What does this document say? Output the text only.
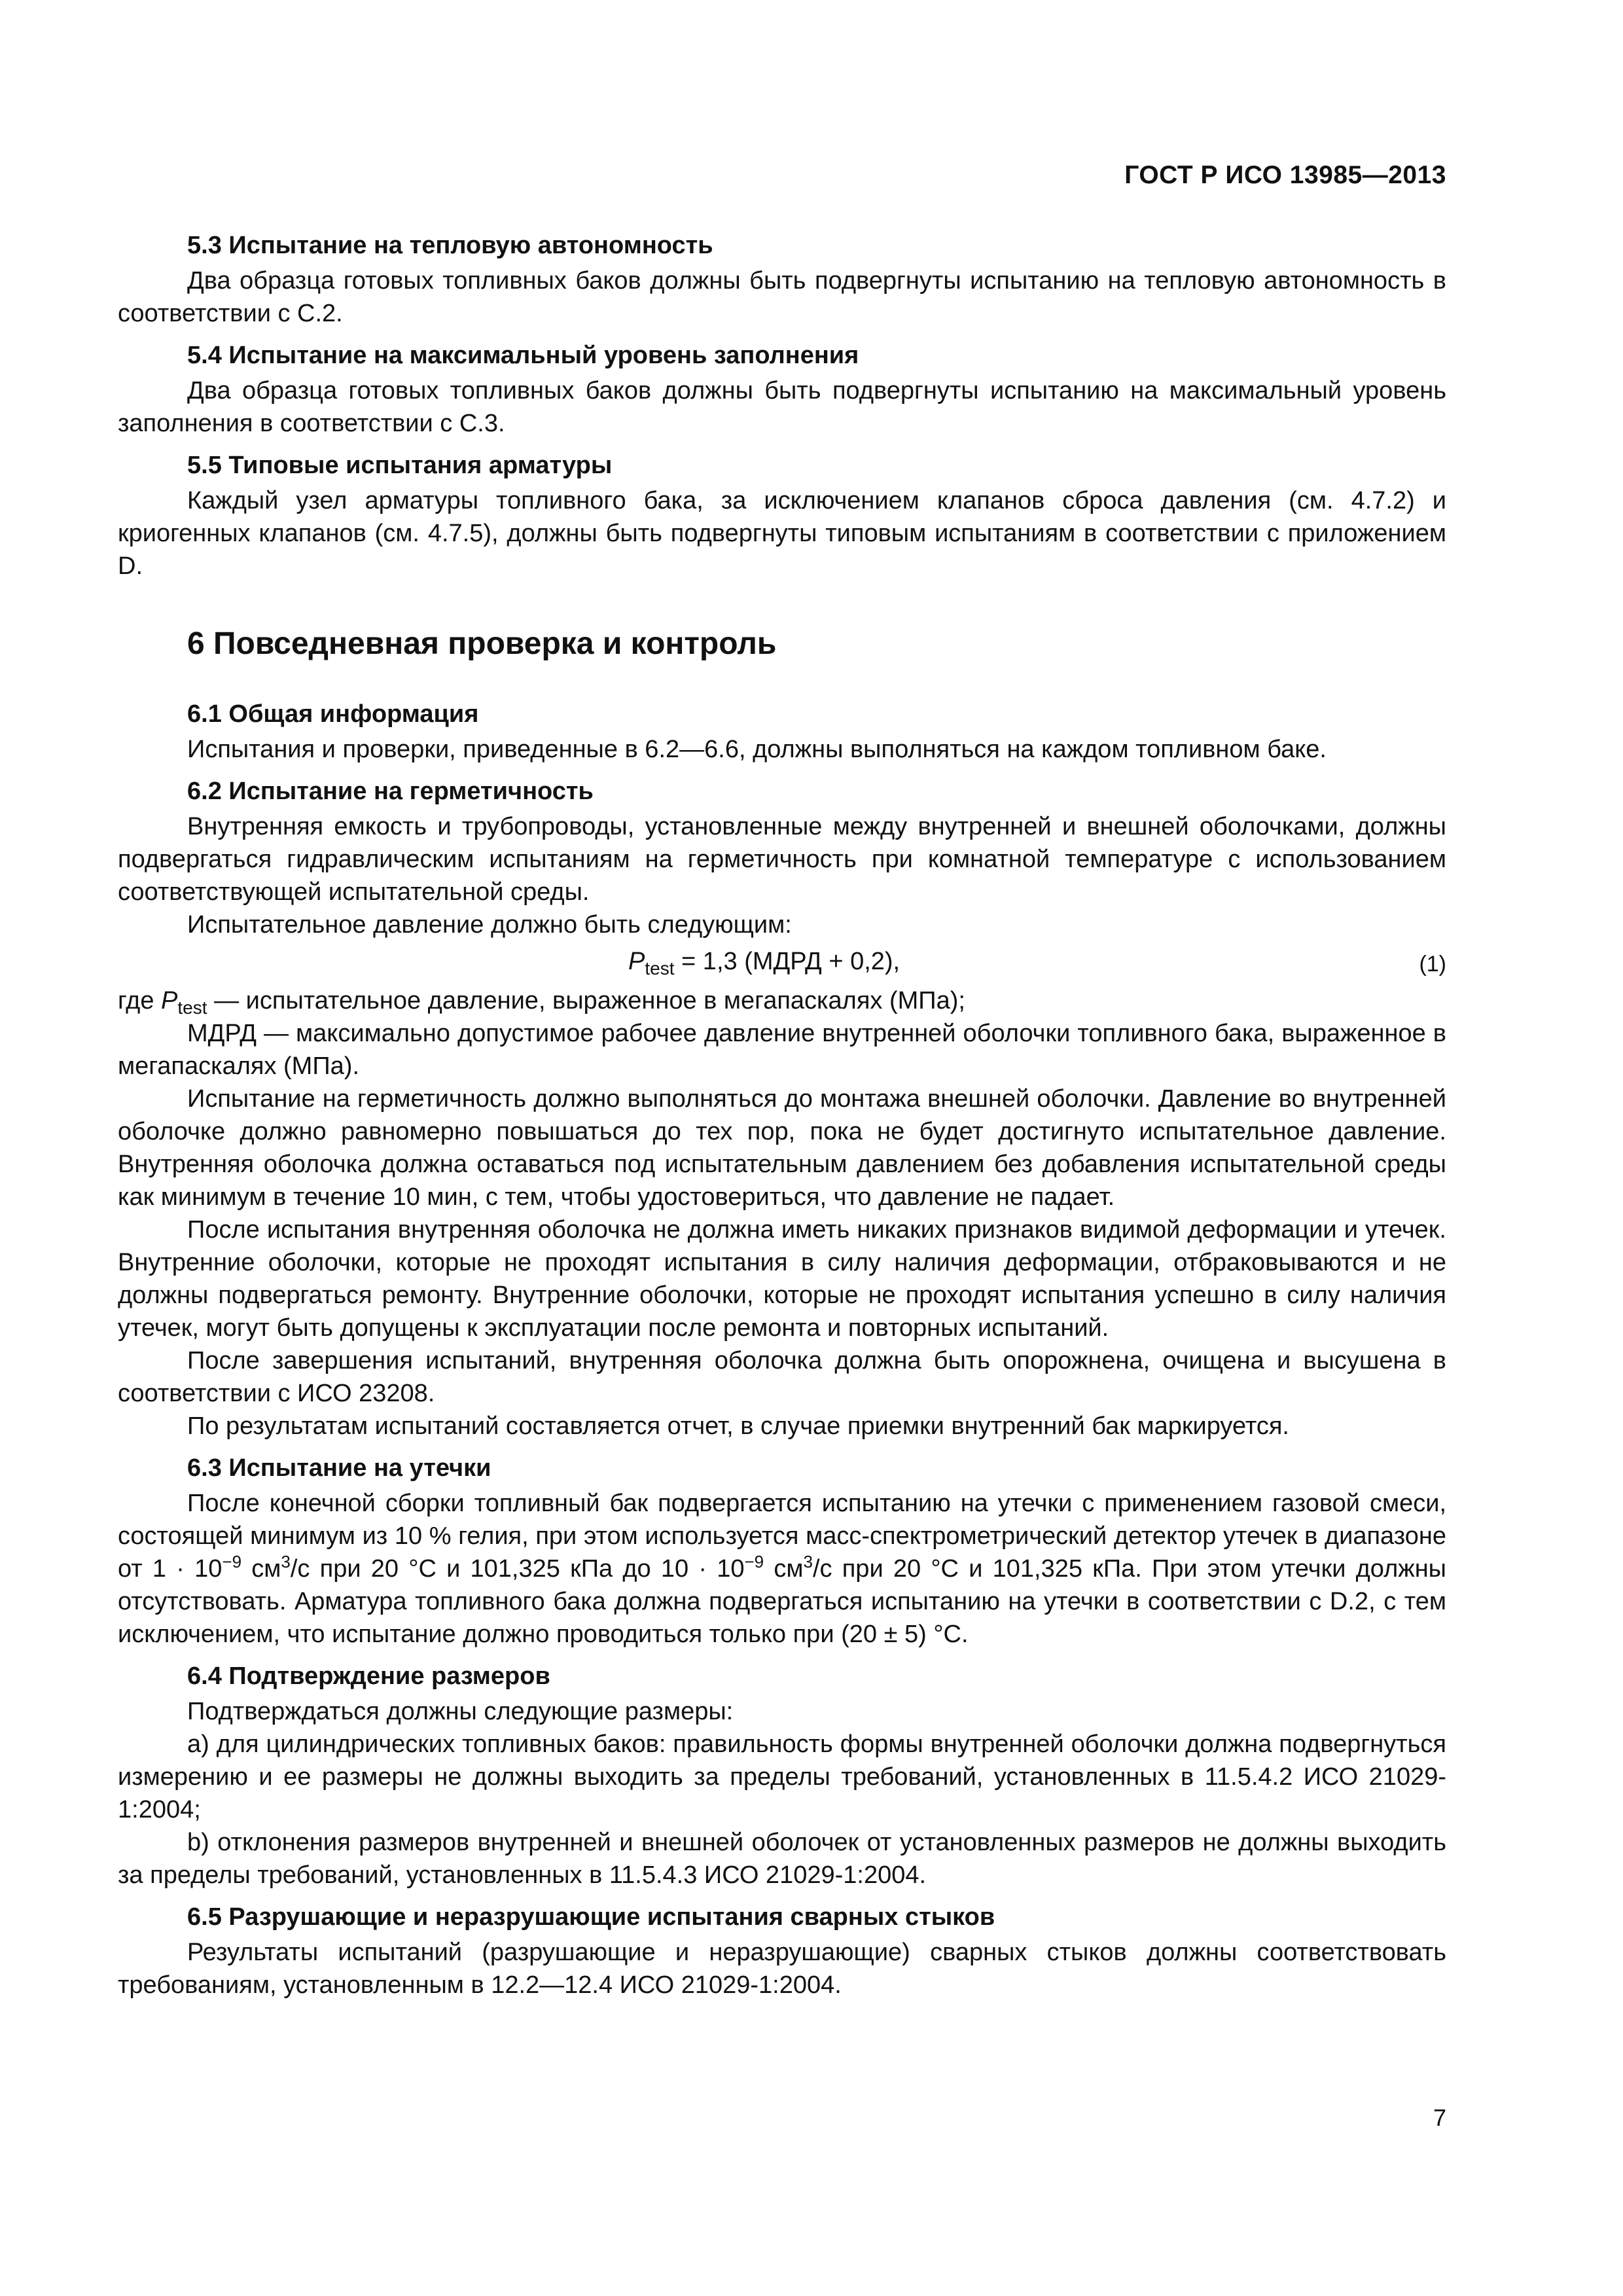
ГОСТ Р ИСО 13985—2013
5.3 Испытание на тепловую автономность

Два образца готовых топливных баков должны быть подвергнуты испытанию на тепловую автономность в соответствии с С.2.

5.4 Испытание на максимальный уровень заполнения

Два образца готовых топливных баков должны быть подвергнуты испытанию на максимальный уровень заполнения в соответствии с С.3.

5.5 Типовые испытания арматуры

Каждый узел арматуры топливного бака, за исключением клапанов сброса давления (см. 4.7.2) и криогенных клапанов (см. 4.7.5), должны быть подвергнуты типовым испытаниям в соответствии с приложением D.

6 Повседневная проверка и контроль
6.1 Общая информация

Испытания и проверки, приведенные в 6.2—6.6, должны выполняться на каждом топливном баке.

6.2 Испытание на герметичность

Внутренняя емкость и трубопроводы, установленные между внутренней и внешней оболочками, должны подвергаться гидравлическим испытаниям на герметичность при комнатной температуре с использованием соответствующей испытательной среды.

Испытательное давление должно быть следующим:

$P_{test} = 1,3$ (МДРД + 0,2),	(1)

где $P_{test}$ — испытательное давление, выраженное в мегапаскалях (МПа);

МДРД — максимально допустимое рабочее давление внутренней оболочки топливного бака, выраженное в мегапаскалях (МПа).

Испытание на герметичность должно выполняться до монтажа внешней оболочки. Давление во внутренней оболочке должно равномерно повышаться до тех пор, пока не будет достигнуто испытательное давление. Внутренняя оболочка должна оставаться под испытательным давлением без добавления испытательной среды как минимум в течение 10 мин, с тем, чтобы удостовериться, что давление не падает.

После испытания внутренняя оболочка не должна иметь никаких признаков видимой деформации и утечек. Внутренние оболочки, которые не проходят испытания в силу наличия деформации, отбраковываются и не должны подвергаться ремонту. Внутренние оболочки, которые не проходят испытания успешно в силу наличия утечек, могут быть допущены к эксплуатации после ремонта и повторных испытаний.

После завершения испытаний, внутренняя оболочка должна быть опорожнена, очищена и высушена в соответствии с ИСО 23208.

По результатам испытаний составляется отчет, в случае приемки внутренний бак маркируется.

6.3 Испытание на утечки

После конечной сборки топливный бак подвергается испытанию на утечки с применением газовой смеси, состоящей минимум из 10 % гелия, при этом используется масс-спектрометрический детектор утечек в диапазоне от $1 \cdot 10^{-9}$ $см^3/с$ при 20 °С и 101,325 кПа до $10 \cdot 10^{-9}$ $см^3/с$ при 20 °С и 101,325 кПа. При этом утечки должны отсутствовать. Арматура топливного бака должна подвергаться испытанию на утечки в соответствии с D.2, с тем исключением, что испытание должно проводиться только при (20 ± 5) °С.

6.4 Подтверждение размеров

Подтверждаться должны следующие размеры:

a) для цилиндрических топливных баков: правильность формы внутренней оболочки должна подвергнуться измерению и ее размеры не должны выходить за пределы требований, установленных в 11.5.4.2 ИСО 21029-1:2004;

b) отклонения размеров внутренней и внешней оболочек от установленных размеров не должны выходить за пределы требований, установленных в 11.5.4.3 ИСО 21029-1:2004.

6.5 Разрушающие и неразрушающие испытания сварных стыков

Результаты испытаний (разрушающие и неразрушающие) сварных стыков должны соответствовать требованиям, установленным в 12.2—12.4 ИСО 21029-1:2004.

7
